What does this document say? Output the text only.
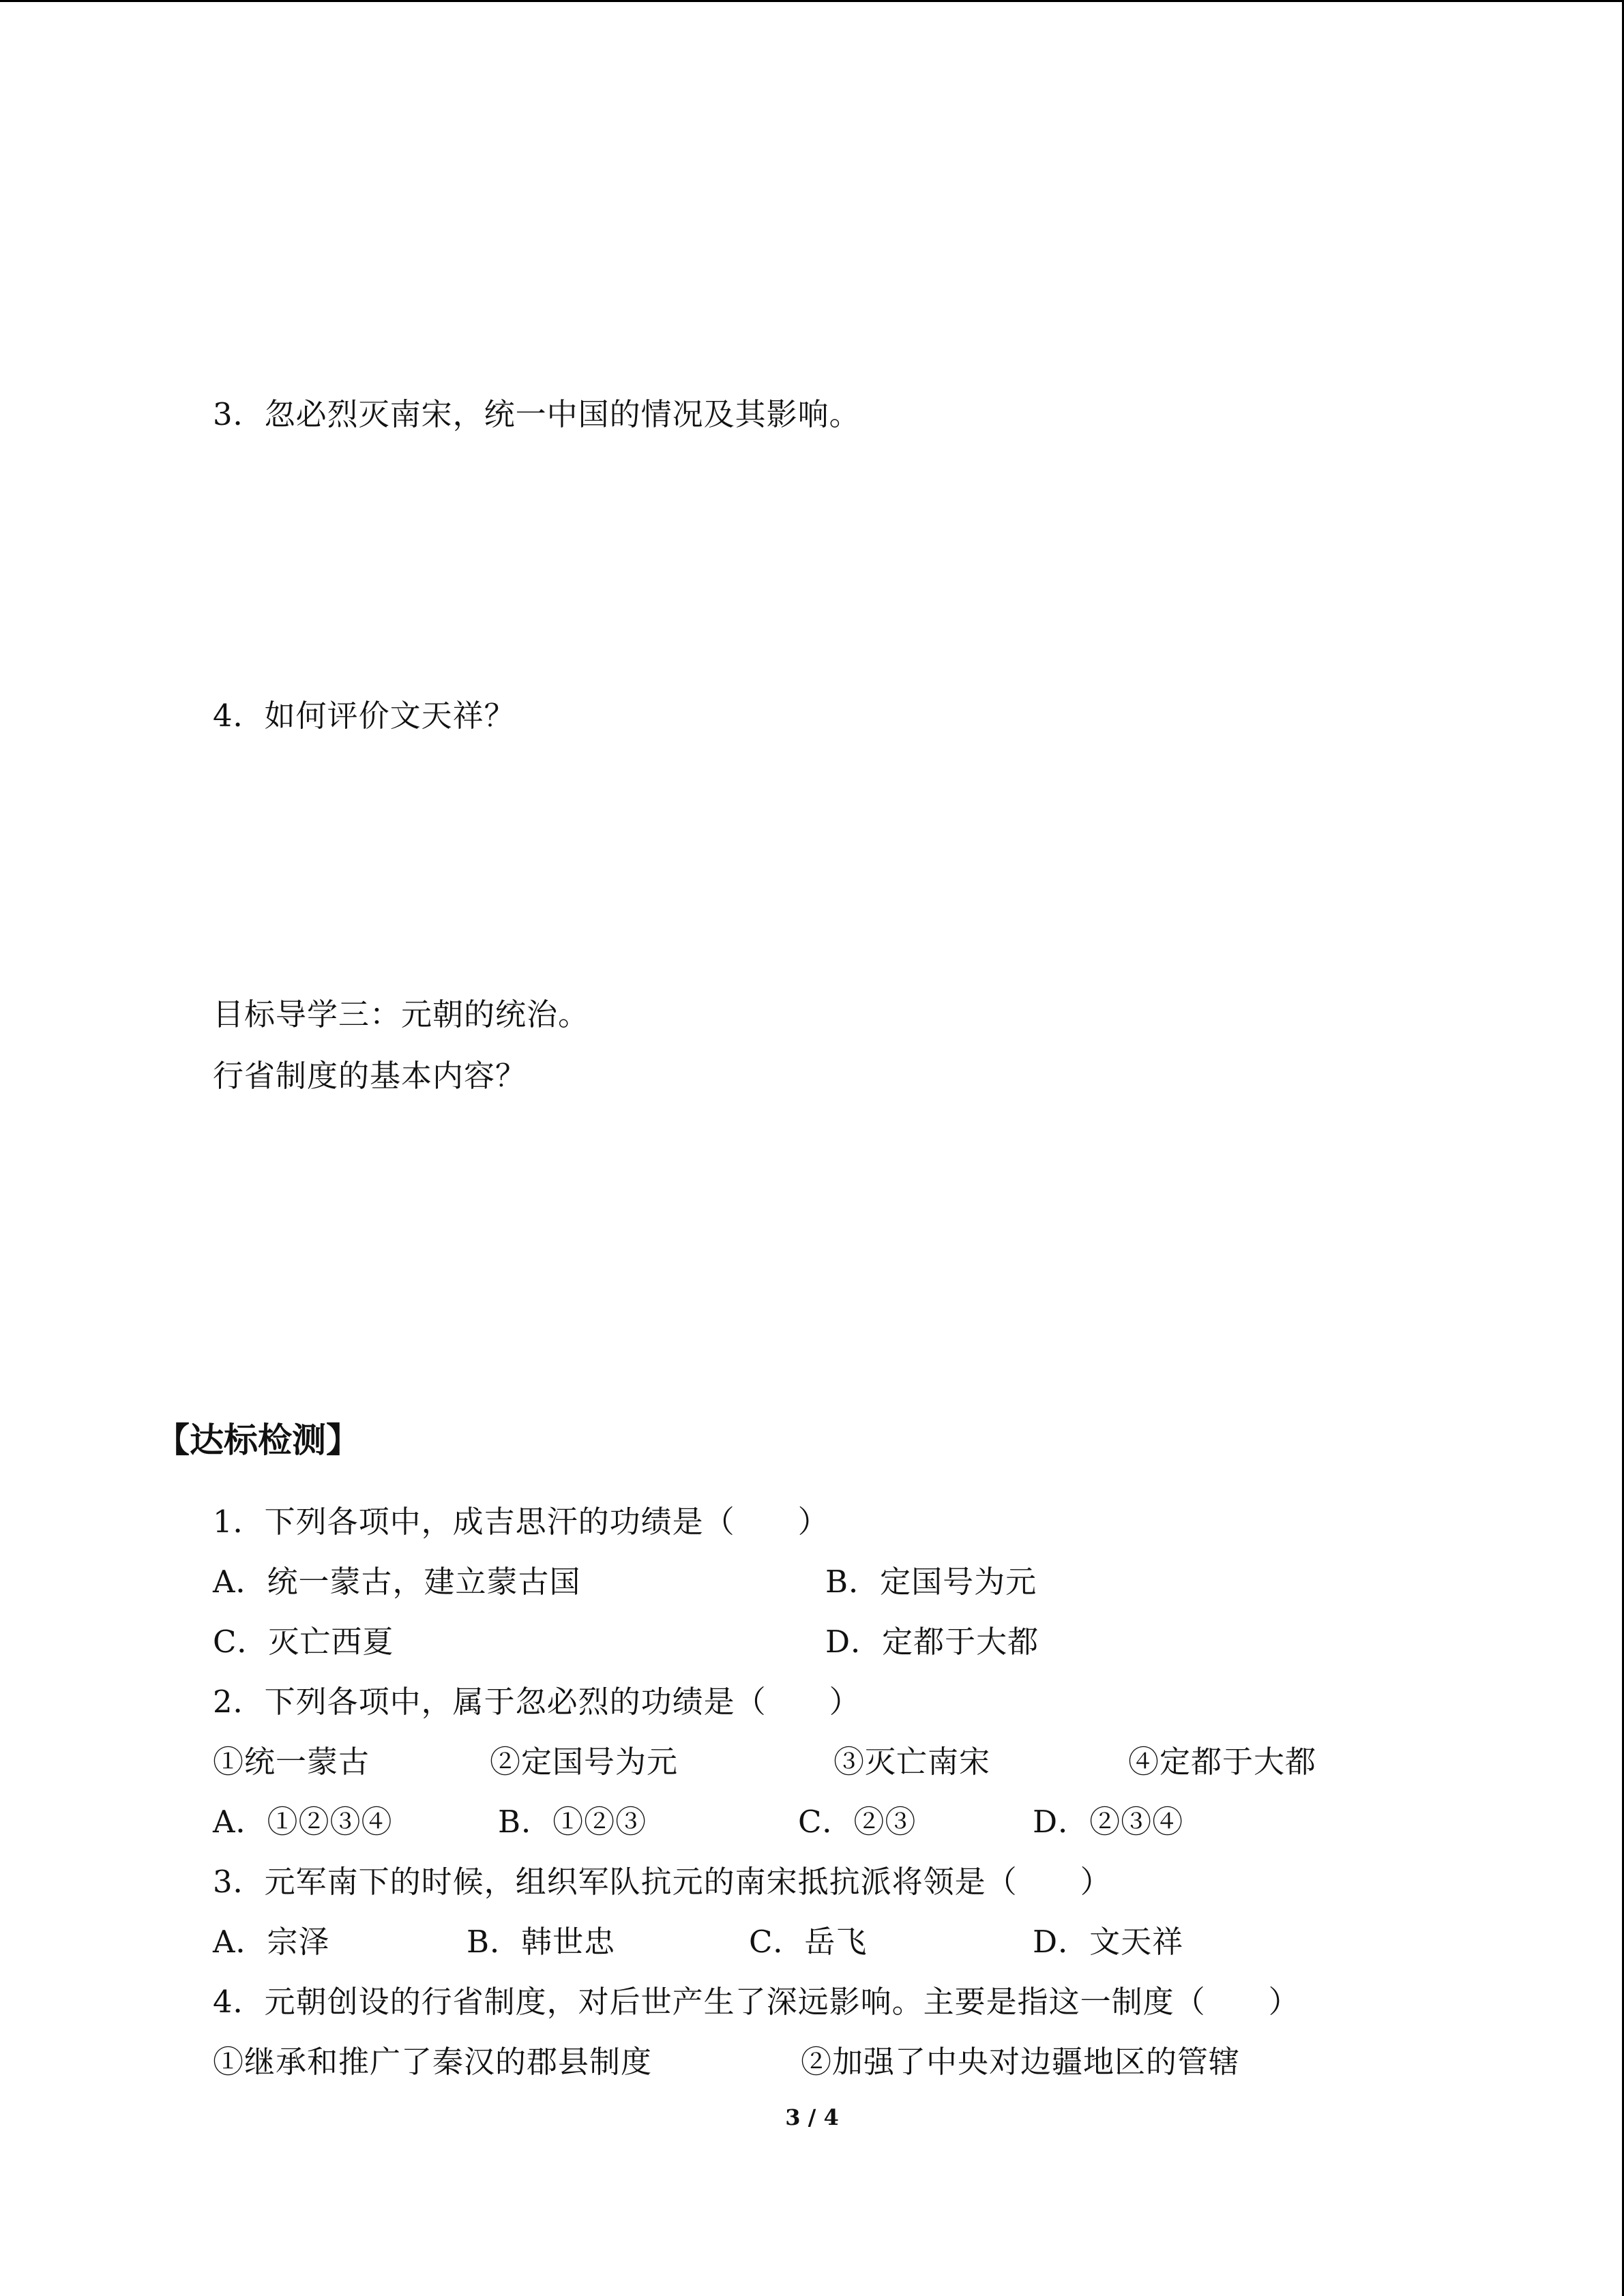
3．忽必烈灭南宋，统一中国的情况及其影响。
4．如何评价文天祥？
目标导学三：元朝的统治。
行省制度的基本内容？
【达标检测】
1．下列各项中，成吉思汗的功绩是（　　）
A．统一蒙古，建立蒙古国	B．定国号为元
C．灭亡西夏	D．定都于大都
2．下列各项中，属于忽必烈的功绩是（　　）
①统一蒙古	②定国号为元	③灭亡南宋	④定都于大都
A．①②③④	B．①②③	C．②③	D．②③④
3．元军南下的时候，组织军队抗元的南宋抵抗派将领是（　　）
A．宗泽	B．韩世忠	C．岳飞	D．文天祥
4．元朝创设的行省制度，对后世产生了深远影响。主要是指这一制度（　　）
①继承和推广了秦汉的郡县制度	②加强了中央对边疆地区的管辖
3 / 4
